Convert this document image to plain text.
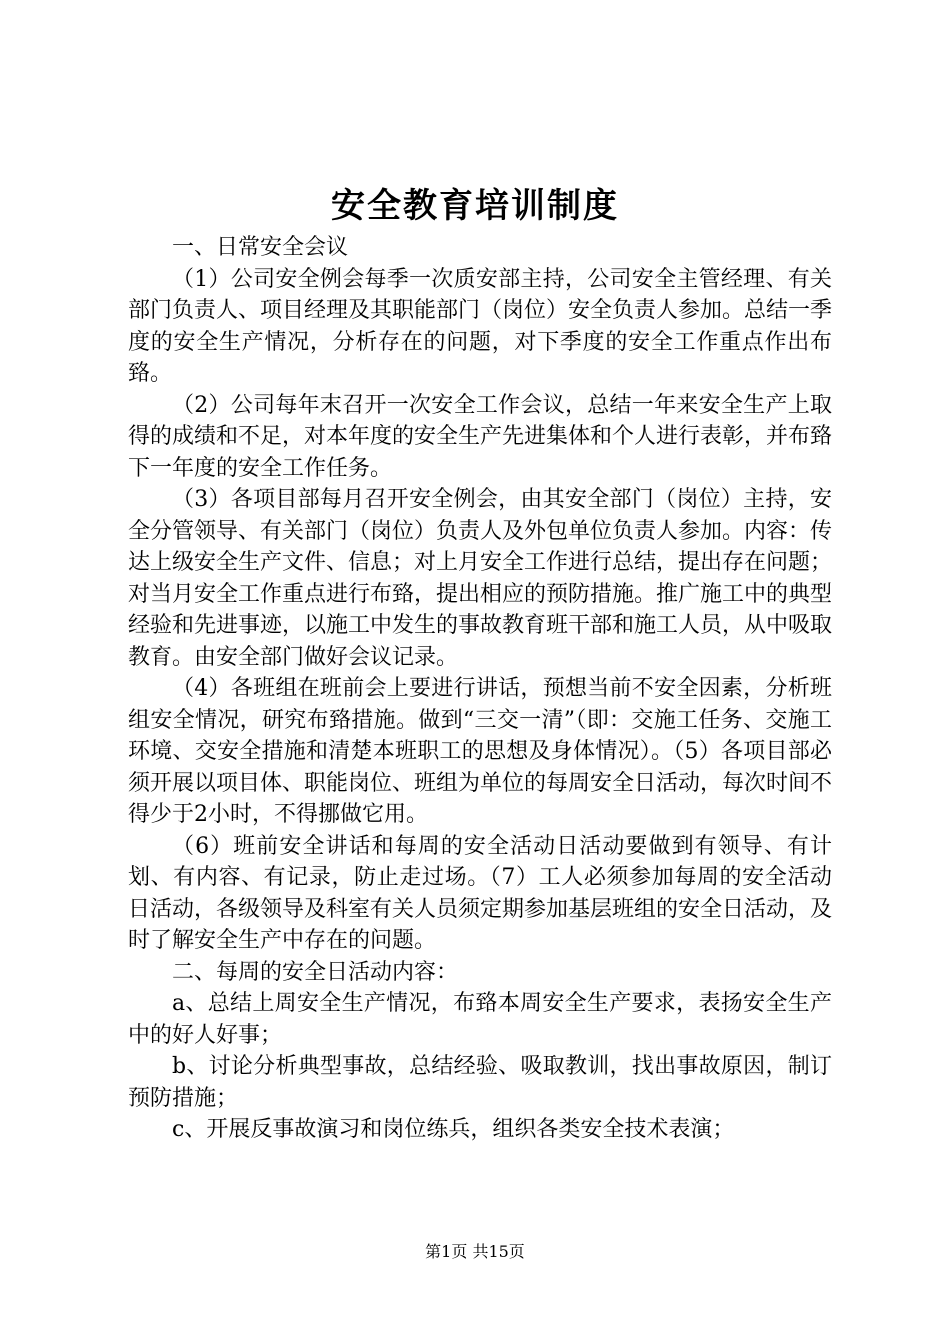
安全教育培训制度

一、日常安全会议

（1）公司安全例会每季一次质安部主持，公司安全主管经理、有关部门负责人、项目经理及其职能部门（岗位）安全负责人参加。总结一季度的安全生产情况，分析存在的问题，对下季度的安全工作重点作出布臵。

（2）公司每年末召开一次安全工作会议，总结一年来安全生产上取得的成绩和不足，对本年度的安全生产先进集体和个人进行表彰，并布臵下一年度的安全工作任务。

（3）各项目部每月召开安全例会，由其安全部门（岗位）主持，安全分管领导、有关部门（岗位）负责人及外包单位负责人参加。内容：传达上级安全生产文件、信息；对上月安全工作进行总结，提出存在问题；对当月安全工作重点进行布臵，提出相应的预防措施。推广施工中的典型经验和先进事迹，以施工中发生的事故教育班干部和施工人员，从中吸取教育。由安全部门做好会议记录。

（4）各班组在班前会上要进行讲话，预想当前不安全因素，分析班组安全情况，研究布臵措施。做到“三交一清”（即：交施工任务、交施工环境、交安全措施和清楚本班职工的思想及身体情况）。（5）各项目部必须开展以项目体、职能岗位、班组为单位的每周安全日活动，每次时间不得少于2小时，不得挪做它用。

（6）班前安全讲话和每周的安全活动日活动要做到有领导、有计划、有内容、有记录，防止走过场。（7）工人必须参加每周的安全活动日活动，各级领导及科室有关人员须定期参加基层班组的安全日活动，及时了解安全生产中存在的问题。

二、每周的安全日活动内容：

a、总结上周安全生产情况，布臵本周安全生产要求，表扬安全生产中的好人好事；

b、讨论分析典型事故，总结经验、吸取教训，找出事故原因，制订预防措施；

c、开展反事故演习和岗位练兵，组织各类安全技术表演；

第1页 共15页
